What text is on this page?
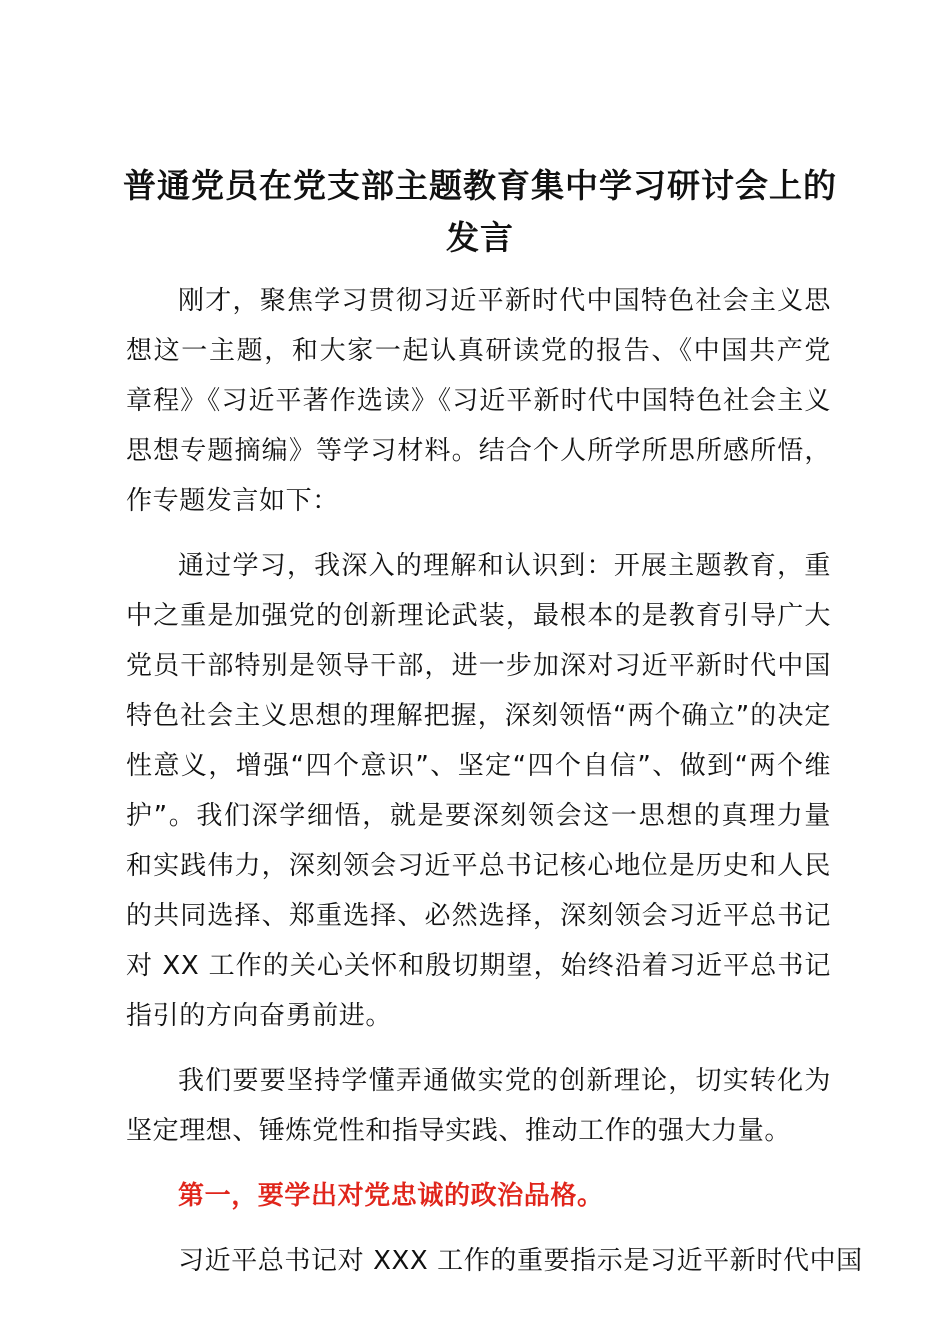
普通党员在党支部主题教育集中学习研讨会上的发言

刚才，聚焦学习贯彻习近平新时代中国特色社会主义思想这一主题，和大家一起认真研读党的报告、《中国共产党章程》《习近平著作选读》《习近平新时代中国特色社会主义思想专题摘编》等学习材料。结合个人所学所思所感所悟，作专题发言如下：

通过学习，我深入的理解和认识到：开展主题教育，重中之重是加强党的创新理论武装，最根本的是教育引导广大党员干部特别是领导干部，进一步加深对习近平新时代中国特色社会主义思想的理解把握，深刻领悟“两个确立”的决定性意义，增强“四个意识”、坚定“四个自信”、做到“两个维护”。我们深学细悟，就是要深刻领会这一思想的真理力量和实践伟力，深刻领会习近平总书记核心地位是历史和人民的共同选择、郑重选择、必然选择，深刻领会习近平总书记对 XX 工作的关心关怀和殷切期望，始终沿着习近平总书记指引的方向奋勇前进。

我们要要坚持学懂弄通做实党的创新理论，切实转化为坚定理想、锤炼党性和指导实践、推动工作的强大力量。

第一，要学出对党忠诚的政治品格。

习近平总书记对 XXX 工作的重要指示是习近平新时代中国
